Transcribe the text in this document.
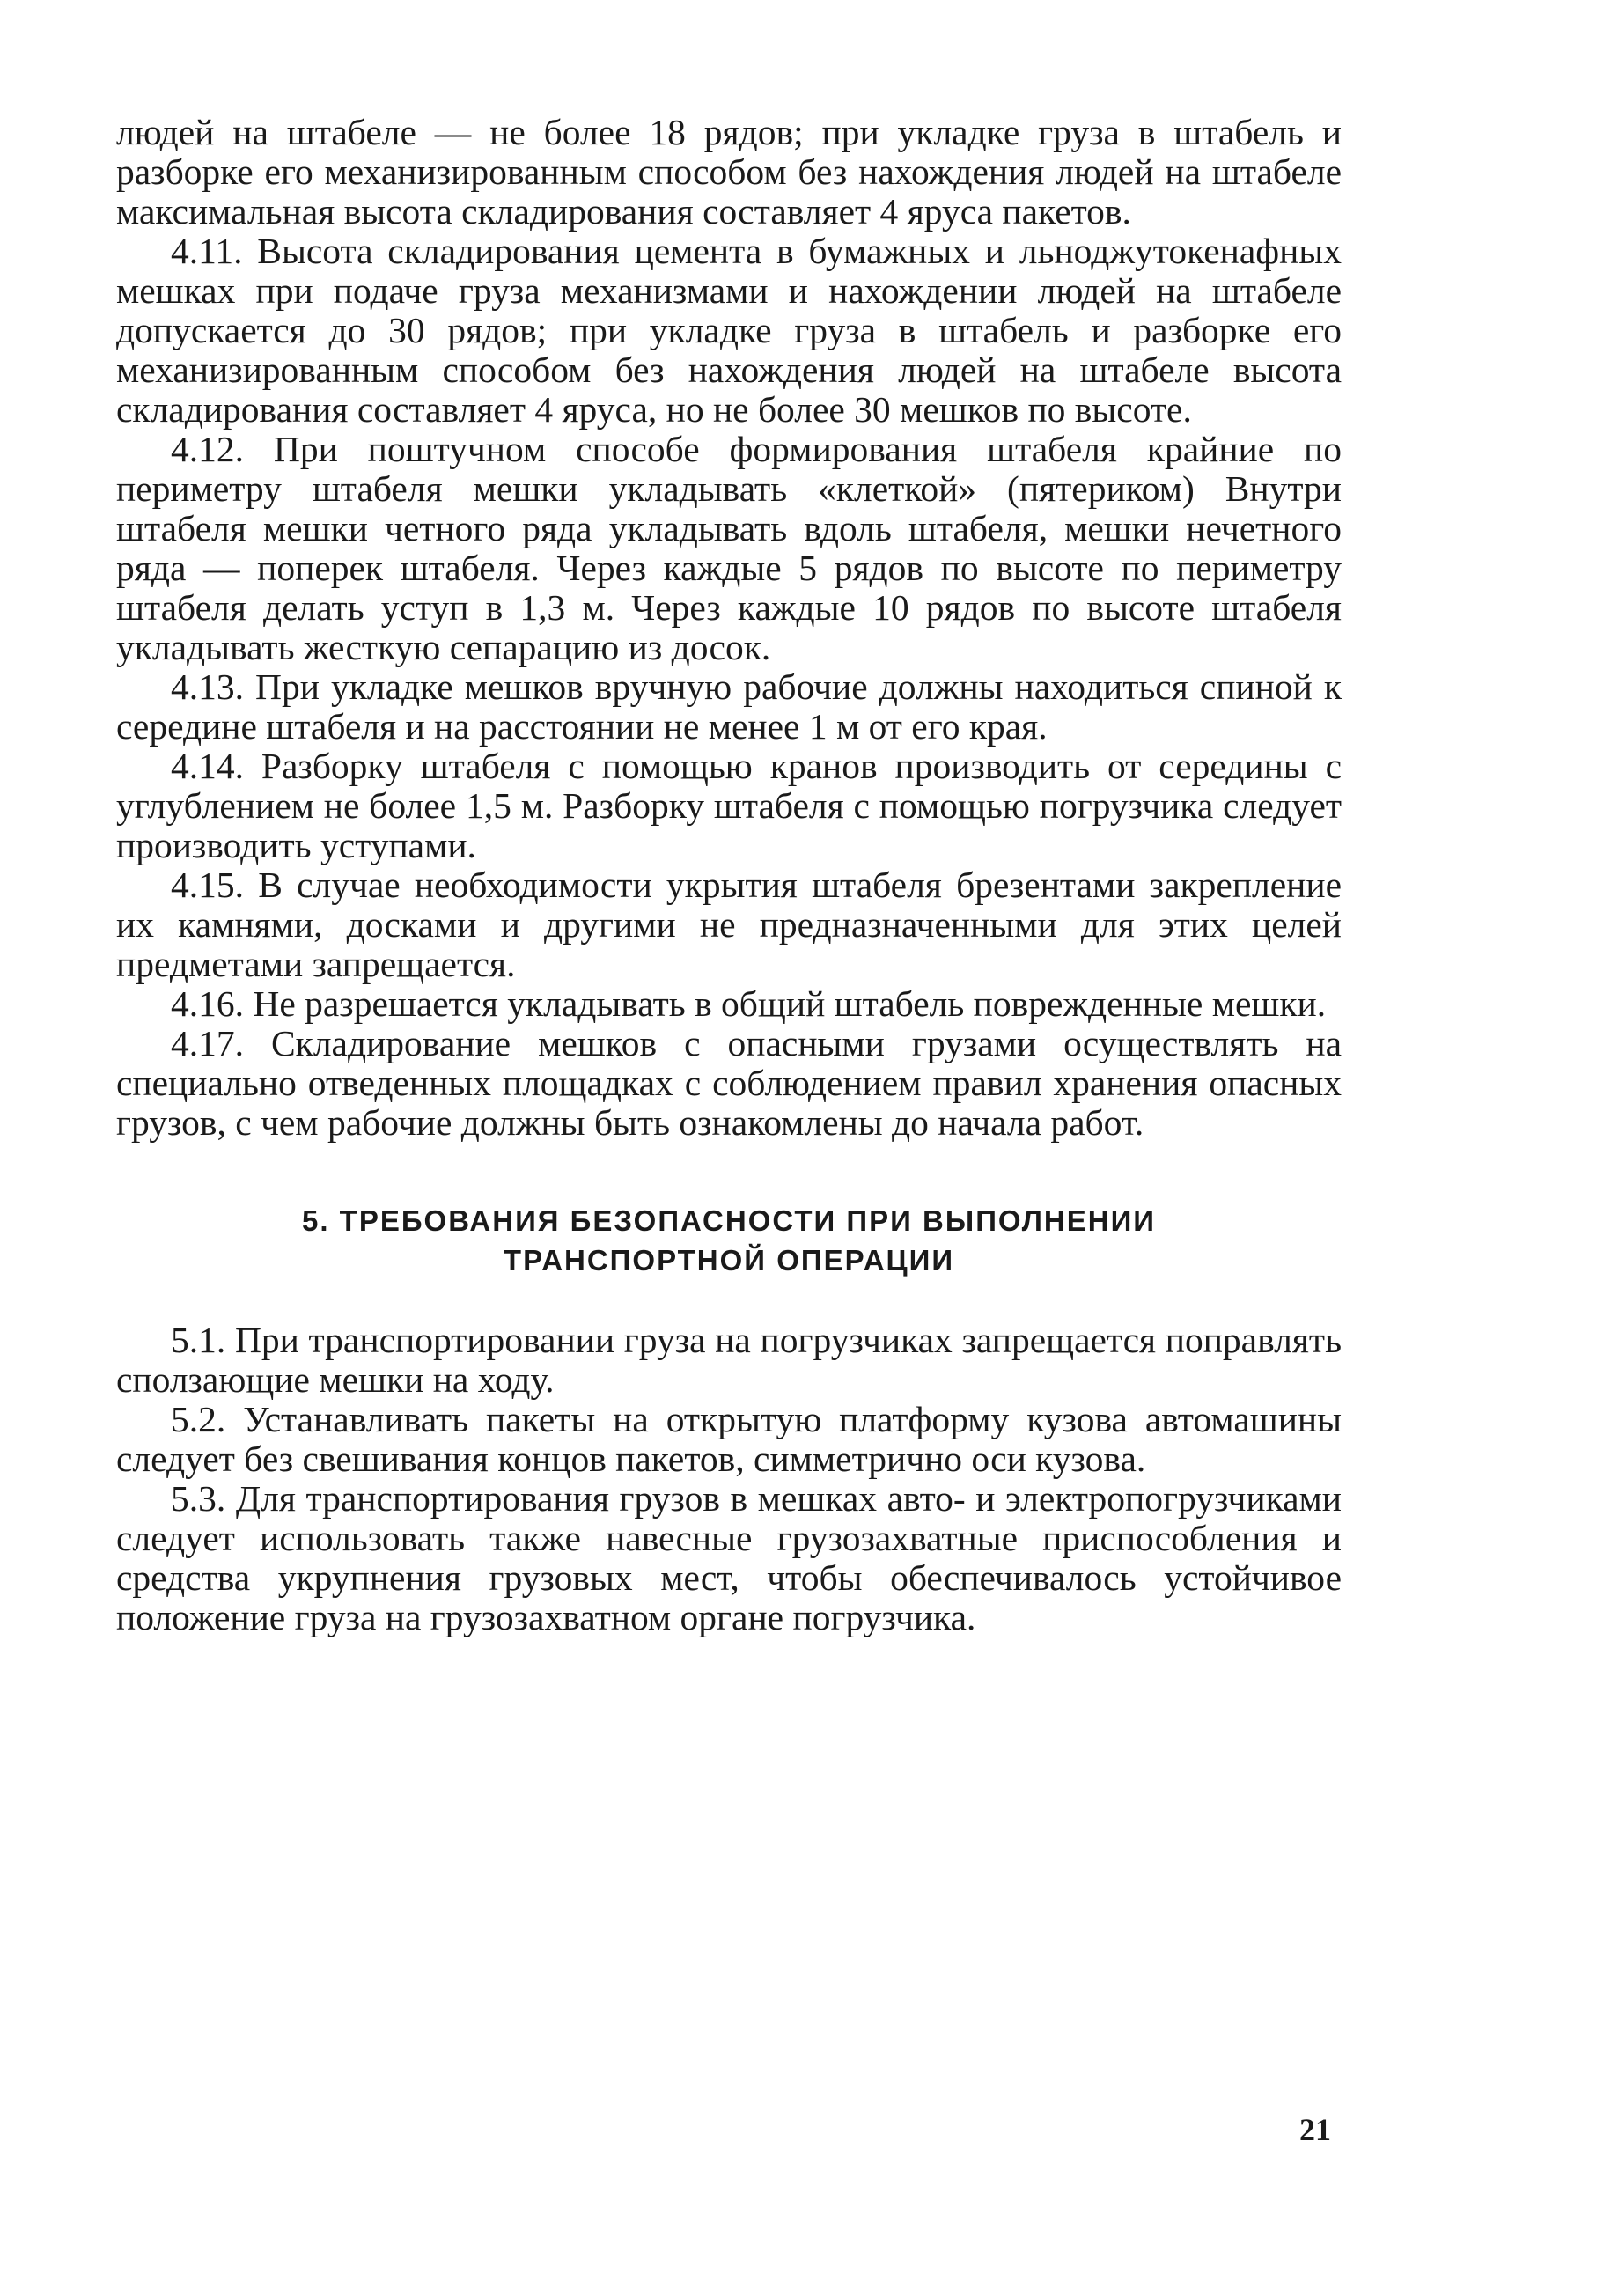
людей на штабеле — не более 18 рядов; при укладке груза в штабель и разборке его механизированным способом без нахождения людей на штабеле максимальная высота складирования составляет 4 яруса пакетов.

4.11. Высота складирования цемента в бумажных и льноджутокенафных мешках при подаче груза механизмами и нахождении людей на штабеле допускается до 30 рядов; при укладке груза в штабель и разборке его механизированным способом без нахождения людей на штабеле высота складирования составляет 4 яруса, но не более 30 мешков по высоте.

4.12. При поштучном способе формирования штабеля крайние по периметру штабеля мешки укладывать «клеткой» (пятериком) Внутри штабеля мешки четного ряда укладывать вдоль штабеля, мешки нечетного ряда — поперек штабеля. Через каждые 5 рядов по высоте по периметру штабеля делать уступ в 1,3 м. Через каждые 10 рядов по высоте штабеля укладывать жесткую сепарацию из досок.

4.13. При укладке мешков вручную рабочие должны находиться спиной к середине штабеля и на расстоянии не менее 1 м от его края.

4.14. Разборку штабеля с помощью кранов производить от середины с углублением не более 1,5 м. Разборку штабеля с помощью погрузчика следует производить уступами.

4.15. В случае необходимости укрытия штабеля брезентами закрепление их камнями, досками и другими не предназначенными для этих целей предметами запрещается.

4.16. Не разрешается укладывать в общий штабель поврежденные мешки.

4.17. Складирование мешков с опасными грузами осуществлять на специально отведенных площадках с соблюдением правил хранения опасных грузов, с чем рабочие должны быть ознакомлены до начала работ.

5. ТРЕБОВАНИЯ БЕЗОПАСНОСТИ ПРИ ВЫПОЛНЕНИИ
ТРАНСПОРТНОЙ ОПЕРАЦИИ

5.1. При транспортировании груза на погрузчиках запрещается поправлять сползающие мешки на ходу.

5.2. Устанавливать пакеты на открытую платформу кузова автомашины следует без свешивания концов пакетов, симметрично оси кузова.

5.3. Для транспортирования грузов в мешках авто- и электропогрузчиками следует использовать также навесные грузозахватные приспособления и средства укрупнения грузовых мест, чтобы обеспечивалось устойчивое положение груза на грузозахватном органе погрузчика.

21
